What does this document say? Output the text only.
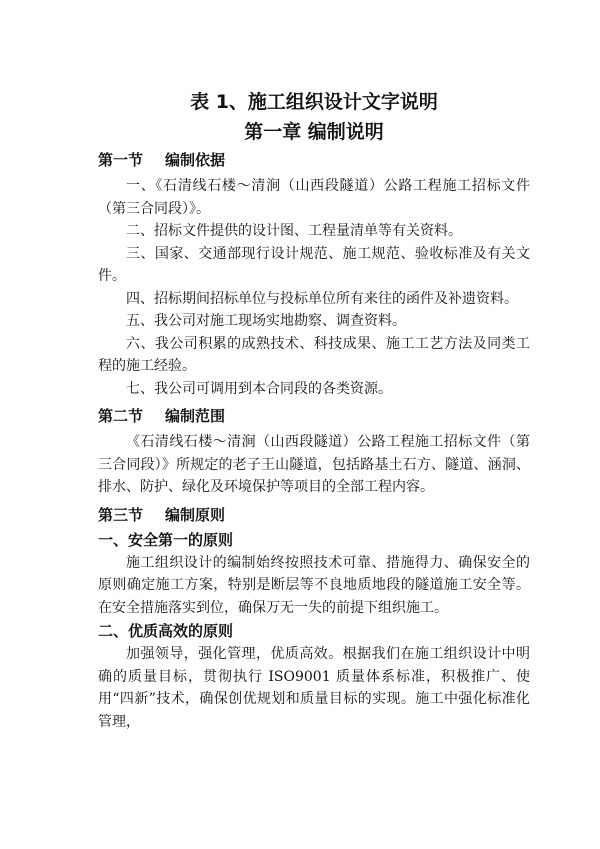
表 1、施工组织设计文字说明
第一章 编制说明
第一节 编制依据

一、《石清线石楼～清涧（山西段隧道）公路工程施工招标文件（第三合同段）》。

二、招标文件提供的设计图、工程量清单等有关资料。

三、国家、交通部现行设计规范、施工规范、验收标准及有关文件。

四、招标期间招标单位与投标单位所有来往的函件及补遗资料。

五、我公司对施工现场实地勘察、调查资料。

六、我公司积累的成熟技术、科技成果、施工工艺方法及同类工程的施工经验。

七、我公司可调用到本合同段的各类资源。

第二节 编制范围

《石清线石楼～清涧（山西段隧道）公路工程施工招标文件（第三合同段）》所规定的老子王山隧道，包括路基土石方、隧道、涵洞、排水、防护、绿化及环境保护等项目的全部工程内容。

第三节 编制原则
一、安全第一的原则

施工组织设计的编制始终按照技术可靠、措施得力、确保安全的原则确定施工方案，特别是断层等不良地质地段的隧道施工安全等。在安全措施落实到位，确保万无一失的前提下组织施工。

二、优质高效的原则

加强领导，强化管理，优质高效。根据我们在施工组织设计中明确的质量目标，贯彻执行 ISO9001 质量体系标准，积极推广、使用“四新”技术，确保创优规划和质量目标的实现。施工中强化标准化管理，
